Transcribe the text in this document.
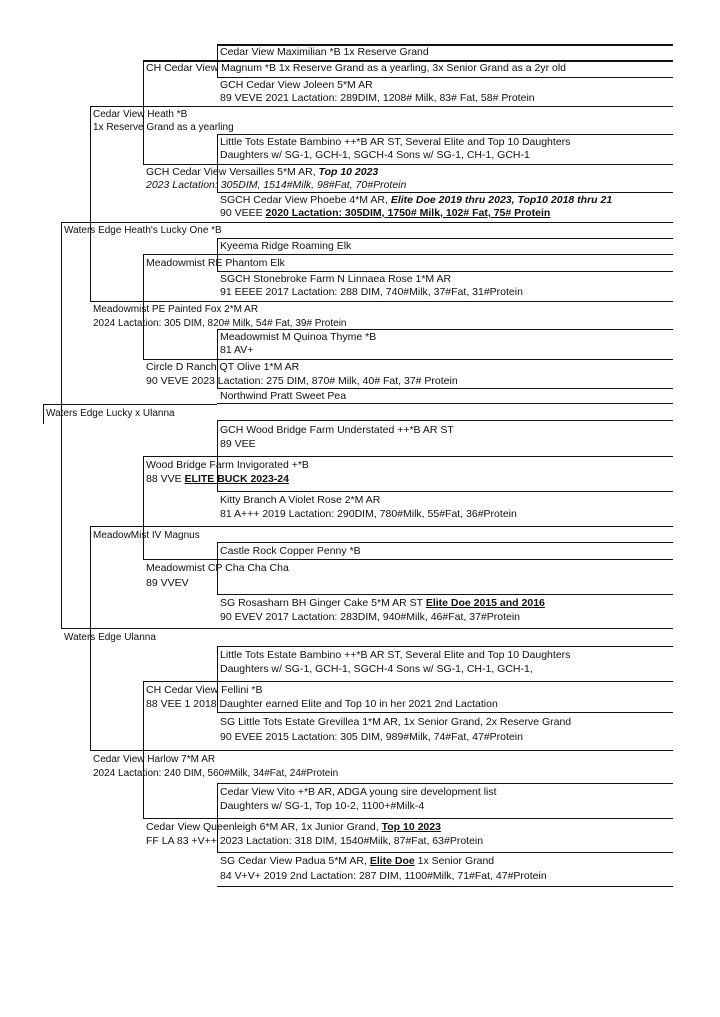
Cedar View Maximilian *B 1x Reserve Grand
GCH Cedar View Joleen 5*M AR
89 VEVE 2021 Lactation: 289DIM, 1208# Milk, 83# Fat, 58# Protein
Little Tots Estate Bambino ++*B AR ST, Several Elite and Top 10 Daughters
Daughters w/ SG-1, GCH-1, SGCH-4 Sons w/ SG-1, CH-1, GCH-1
SGCH Cedar View Phoebe 4*M AR, Elite Doe 2019 thru 2023, Top10 2018 thru 21
90 VEEE 2020 Lactation: 305DIM, 1750# Milk, 102# Fat, 75# Protein
Kyeema Ridge Roaming Elk
SGCH Stonebroke Farm N Linnaea Rose 1*M AR
91 EEEE 2017 Lactation: 288 DIM, 740#Milk, 37#Fat, 31#Protein
Meadowmist M Quinoa Thyme *B
81 AV+
Northwind Pratt Sweet Pea
GCH Wood Bridge Farm Understated ++*B AR ST
89 VEE
Kitty Branch A Violet Rose 2*M AR
81 A+++ 2019 Lactation: 290DIM, 780#Milk, 55#Fat, 36#Protein
Castle Rock Copper Penny *B
SG Rosasharn BH Ginger Cake 5*M AR ST Elite Doe 2015 and 2016
90 EVEV 2017 Lactation: 283DIM, 940#Milk, 46#Fat, 37#Protein
Little Tots Estate Bambino ++*B AR ST, Several Elite and Top 10 Daughters
Daughters w/ SG-1, GCH-1, SGCH-4 Sons w/ SG-1, CH-1, GCH-1,
SG Little Tots Estate Grevillea 1*M AR, 1x Senior Grand, 2x Reserve Grand
90 EVEE 2015 Lactation: 305 DIM, 989#Milk, 74#Fat, 47#Protein
Cedar View Vito +*B AR, ADGA young sire development list
Daughters w/ SG-1, Top 10-2, 1100+#Milk-4
SG Cedar View Padua 5*M AR, Elite Doe 1x Senior Grand
84 V+V+ 2019 2nd Lactation: 287 DIM, 1100#Milk, 71#Fat, 47#Protein
CH Cedar View Magnum *B 1x Reserve Grand as a yearling, 3x Senior Grand as a 2yr old
GCH Cedar View Versailles 5*M AR, Top 10 2023
2023 Lactation: 305DIM, 1514#Milk, 98#Fat, 70#Protein
Meadowmist RE Phantom Elk
Circle D Ranch QT Olive 1*M AR
90 VEVE 2023 Lactation: 275 DIM, 870# Milk, 40# Fat, 37# Protein
Wood Bridge Farm Invigorated +*B
88 VVE ELITE BUCK 2023-24
Meadowmist CP Cha Cha Cha
89 VVEV
CH Cedar View Fellini *B
88 VEE 1 2018 Daughter earned Elite and Top 10 in her 2021 2nd Lactation
Cedar View Queenleigh 6*M AR, 1x Junior Grand, Top 10 2023
FF LA 83 +V++ 2023 Lactation: 318 DIM, 1540#Milk, 87#Fat, 63#Protein
Cedar View Heath *B
1x Reserve Grand as a yearling
Meadowmist PE Painted Fox 2*M AR
2024 Lactation: 305 DIM, 820# Milk, 54# Fat, 39# Protein
MeadowMist IV Magnus
Cedar View Harlow 7*M AR
2024 Lactation: 240 DIM, 560#Milk, 34#Fat, 24#Protein
Waters Edge Heath's Lucky One *B
Waters Edge Ulanna
Waters Edge Lucky x Ulanna
